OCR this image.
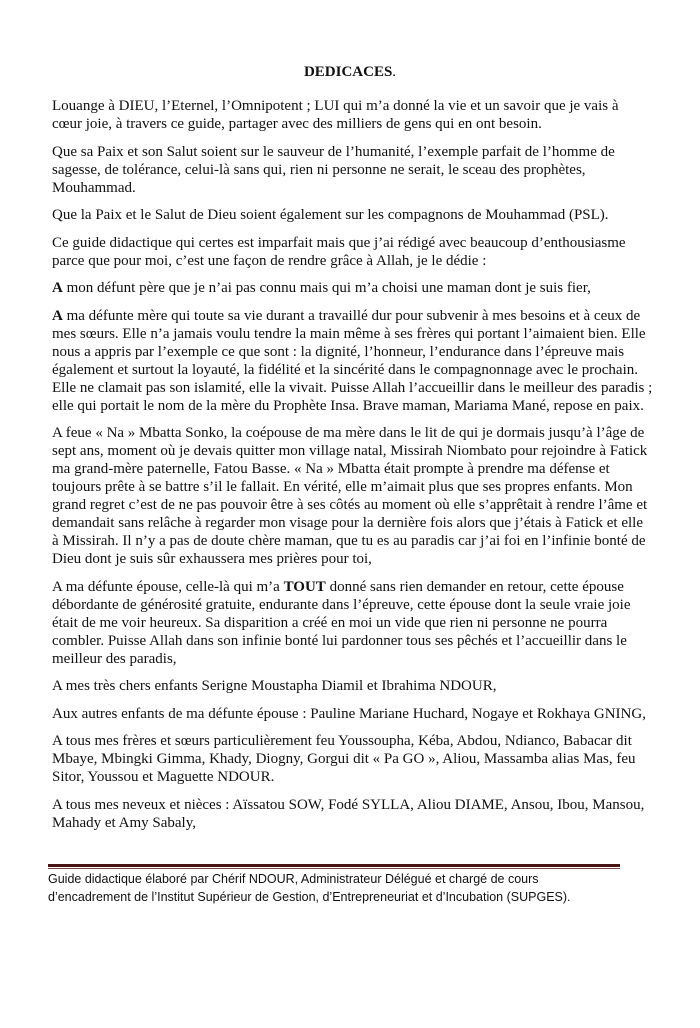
DEDICACES.

Louange à DIEU, l’Eternel, l’Omnipotent ; LUI qui m’a donné la vie et un savoir que je vais à
cœur joie, à travers ce guide, partager avec des milliers de gens qui en ont besoin.

Que sa Paix et son Salut soient sur le sauveur de l’humanité, l’exemple parfait de l’homme de
sagesse, de tolérance, celui-là sans qui, rien ni personne ne serait, le sceau des prophètes,
Mouhammad.

Que la Paix et le Salut de Dieu soient également sur les compagnons de Mouhammad (PSL).

Ce guide didactique qui certes est imparfait mais que j’ai rédigé avec beaucoup d’enthousiasme
parce que pour moi, c’est une façon de rendre grâce à Allah, je le dédie :

A mon défunt père que je n’ai pas connu mais qui m’a choisi une maman dont je suis fier,

A ma défunte mère qui toute sa vie durant a travaillé dur pour subvenir à mes besoins et à ceux de
mes sœurs. Elle n’a jamais voulu tendre la main même à ses frères qui portant l’aimaient bien. Elle
nous a appris par l’exemple ce que sont : la dignité, l’honneur, l’endurance dans l’épreuve mais
également et surtout la loyauté, la fidélité et la sincérité dans le compagnonnage avec le prochain.
Elle ne clamait pas son islamité, elle la vivait. Puisse Allah l’accueillir dans le meilleur des paradis ;
elle qui portait le nom de la mère du Prophète Insa. Brave maman, Mariama Mané, repose en paix.

A feue « Na » Mbatta Sonko, la coépouse de ma mère dans le lit de qui je dormais jusqu’à l’âge de
sept ans, moment où je devais quitter mon village natal, Missirah Niombato pour rejoindre à Fatick
ma grand-mère paternelle, Fatou Basse. « Na » Mbatta était prompte à prendre ma défense et
toujours prête à se battre s’il le fallait. En vérité, elle m’aimait plus que ses propres enfants. Mon
grand regret c’est de ne pas pouvoir être à ses côtés au moment où elle s’apprêtait à rendre l’âme et
demandait sans relâche à regarder mon visage pour la dernière fois alors que j’étais à Fatick et elle
à Missirah. Il n’y a pas de doute chère maman, que tu es au paradis car j’ai foi en l’infinie bonté de
Dieu dont je suis sûr exhaussera mes prières pour toi,

A ma défunte épouse, celle-là qui m’a TOUT donné sans rien demander en retour, cette épouse
débordante de générosité gratuite, endurante dans l’épreuve, cette épouse dont la seule vraie joie
était de me voir heureux. Sa disparition a créé en moi un vide que rien ni personne ne pourra
combler. Puisse Allah dans son infinie bonté lui pardonner tous ses pêchés et l’accueillir dans le
meilleur des paradis,

A mes très chers enfants Serigne Moustapha Diamil et Ibrahima NDOUR,

Aux autres enfants de ma défunte épouse : Pauline Mariane Huchard, Nogaye et Rokhaya GNING,

A tous mes frères et sœurs particulièrement feu Youssoupha, Kéba, Abdou, Ndianco, Babacar dit
Mbaye, Mbingki Gimma, Khady, Diogny, Gorgui dit « Pa GO », Aliou, Massamba alias Mas, feu
Sitor, Youssou et Maguette NDOUR.

A tous mes neveux et nièces : Aïssatou SOW, Fodé SYLLA, Aliou DIAME, Ansou, Ibou, Mansou,
Mahady et Amy Sabaly,

Guide didactique élaboré par Chérif NDOUR, Administrateur Délégué et chargé de cours
d’encadrement de l’Institut Supérieur de Gestion, d’Entrepreneuriat et d’Incubation (SUPGES).
